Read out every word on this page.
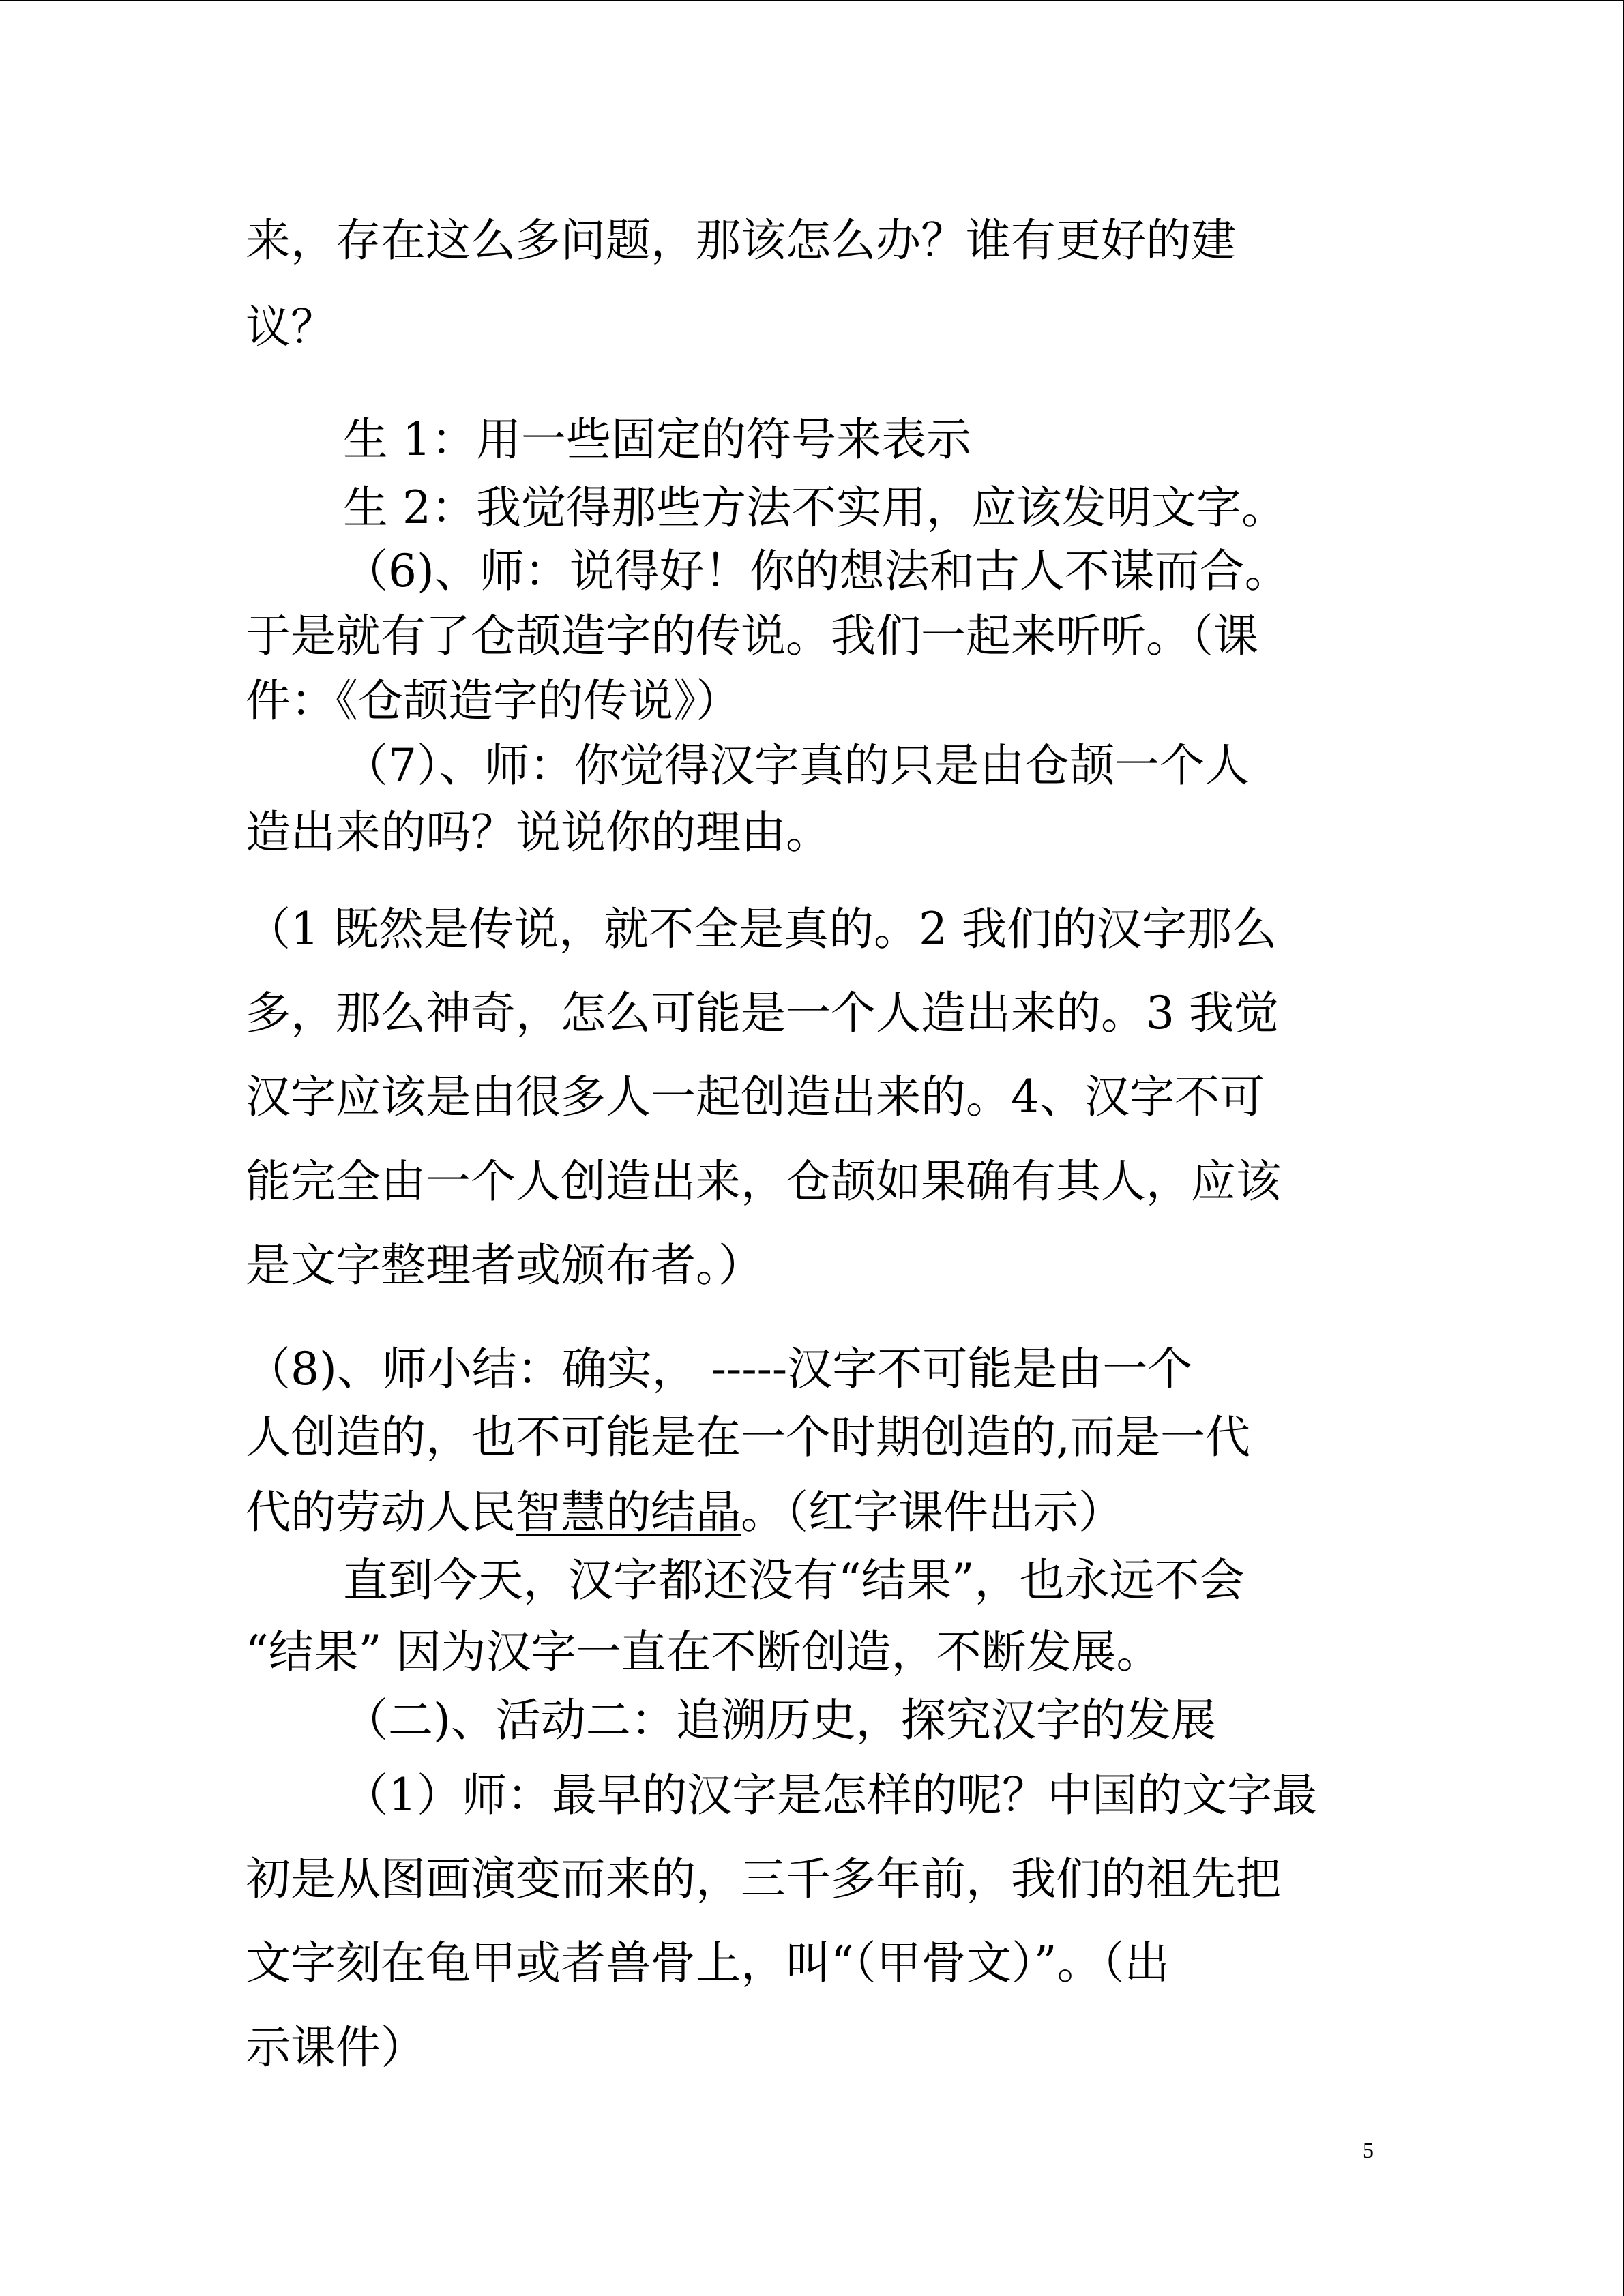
来，存在这么多问题，那该怎么办？谁有更好的建
议？
生 1：用一些固定的符号来表示
生 2：我觉得那些方法不实用，应该发明文字。
（6)、师：说得好！你的想法和古人不谋而合。
于是就有了仓颉造字的传说。我们一起来听听。（课
件：《仓颉造字的传说》）
（7）、师：你觉得汉字真的只是由仓颉一个人
造出来的吗？说说你的理由。
（1 既然是传说，就不全是真的。2 我们的汉字那么
多，那么神奇，怎么可能是一个人造出来的。3 我觉
汉字应该是由很多人一起创造出来的。4、汉字不可
能完全由一个人创造出来，仓颉如果确有其人，应该
是文字整理者或颁布者。）
（8)、师小结：确实， -----汉字不可能是由一个
人创造的，也不可能是在一个时期创造的,而是一代
代的劳动人民智慧的结晶。（红字课件出示）
直到今天，汉字都还没有“结果”，也永远不会
“结果” 因为汉字一直在不断创造，不断发展。
（二)、活动二：追溯历史，探究汉字的发展
（1）师：最早的汉字是怎样的呢？中国的文字最
初是从图画演变而来的，三千多年前，我们的祖先把
文字刻在龟甲或者兽骨上，叫“（甲骨文）”。（出
示课件）
5
